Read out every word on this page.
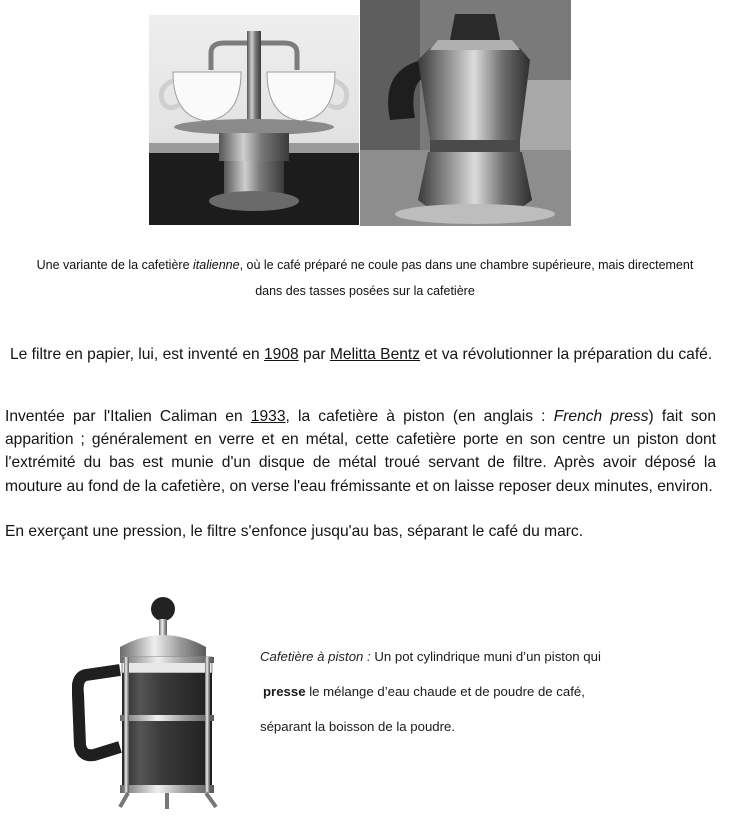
Une variante de la cafetière italienne, où le café préparé ne coule pas dans une chambre supérieure, mais directement
dans des tasses posées sur la cafetière
Le filtre en papier, lui, est inventé en 1908 par Melitta Bentz et va révolutionner la préparation du café.
Inventée par l'Italien Caliman en 1933, la cafetière à piston (en anglais : French press) fait son apparition ; généralement en verre et en métal, cette cafetière porte en son centre un piston dont l'extrémité du bas est munie d'un disque de métal troué servant de filtre. Après avoir déposé la mouture au fond de la cafetière, on verse l'eau frémissante et on laisse reposer deux minutes, environ.
En exerçant une pression, le filtre s'enfonce jusqu'au bas, séparant le café du marc.
Cafetière à piston : Un pot cylindrique muni d’un piston qui
presse le mélange d’eau chaude et de poudre de café,
séparant la boisson de la poudre.
